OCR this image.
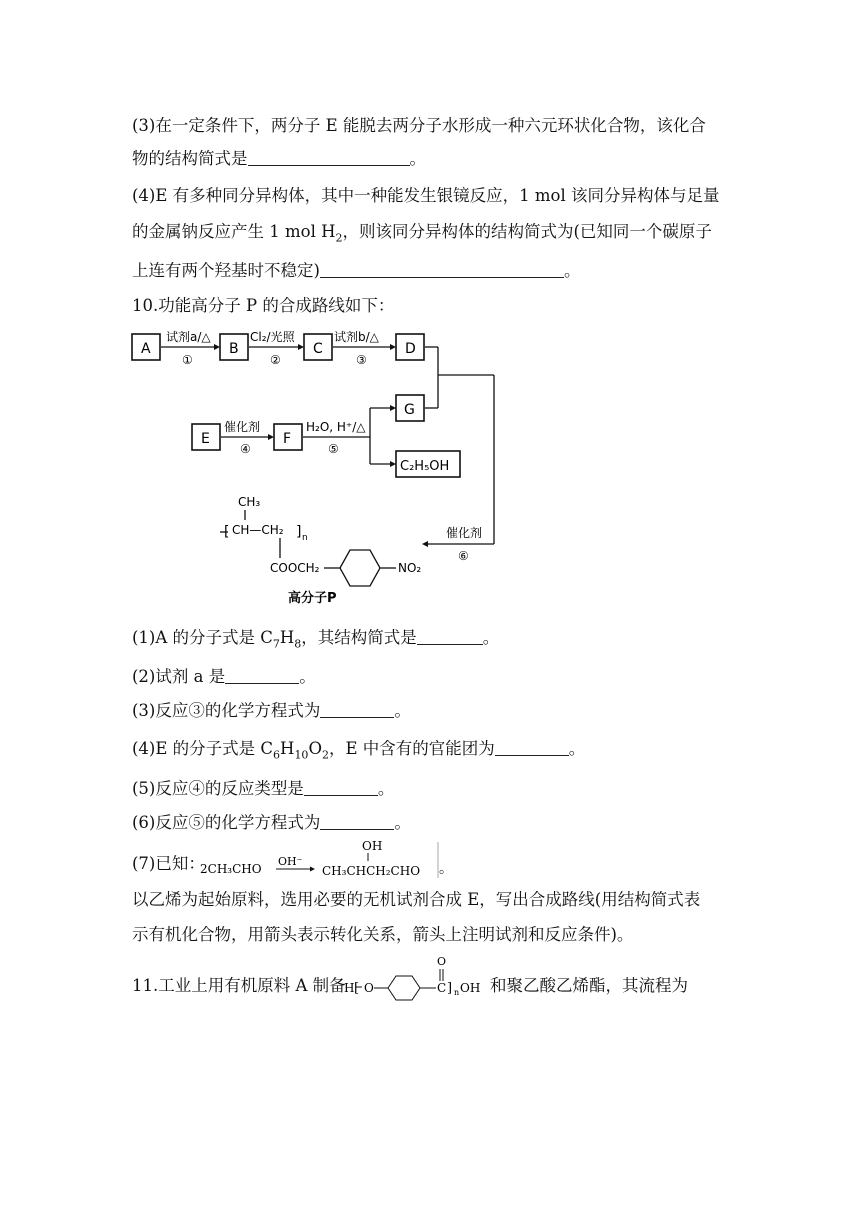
(3)在一定条件下，两分子 E 能脱去两分子水形成一种六元环状化合物，该化合
物的结构简式是	。
(4)E 有多种同分异构体，其中一种能发生银镜反应，1 mol 该同分异构体与足量
的金属钠反应产生 1 mol $H_2$，则该同分异构体的结构简式为(已知同一个碳原子
上连有两个羟基时不稳定)	。
10.功能高分子 P 的合成路线如下：
A
试剂a/△
①
B
Cl₂/光照
②
C
试剂b/△
③
D
催化剂
⑥
E
催化剂
④
F
H₂O, H⁺/△
⑤
G
C₂H₅OH
CH₃
[ CH—CH₂ ] n
COOCH₂	NO₂
高分子P
(1)A 的分子式是 $C_7H_8$，其结构简式是	。
(2)试剂 a 是	。
(3)反应③的化学方程式为	。
(4)E 的分子式是 $C_6H_{10}O_2$，E 中含有的官能团为	。
(5)反应④的反应类型是	。
(6)反应⑤的化学方程式为	。
(7)已知：
2CH₃CHO
OH⁻
OH
CH₃CHCH₂CHO 。
以乙烯为起始原料，选用必要的无机试剂合成 E，写出合成路线(用结构简式表
示有机化合物，用箭头表示转化关系，箭头上注明试剂和反应条件)。
11.工业上用有机原料 A 制备
H [ O	C
O
] n OH 和聚乙酸乙烯酯，其流程为
